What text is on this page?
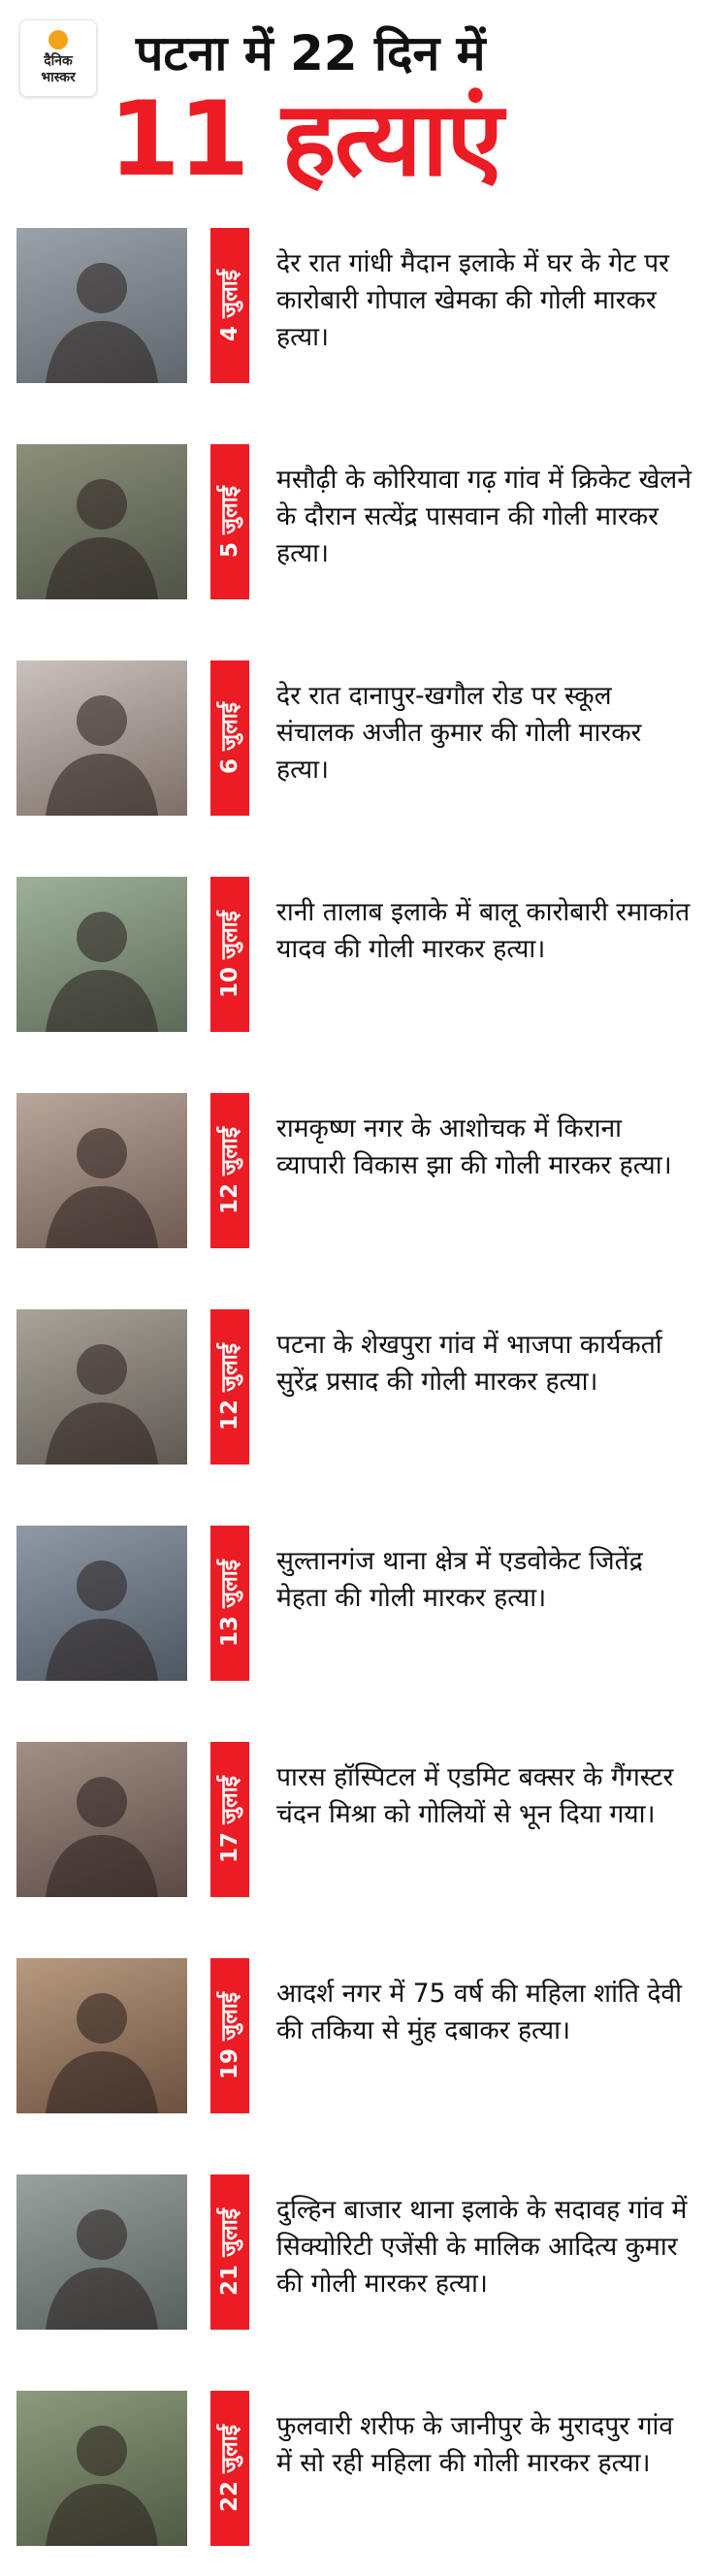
दैनिक
भास्कर	पटना में 22 दिन में
11 हत्याएं
4 जुलाई
देर रात गांधी मैदान इलाके में घर के गेट पर कारोबारी गोपाल खेमका की गोली मारकर हत्या।
5 जुलाई
मसौढ़ी के कोरियावा गढ़ गांव में क्रिकेट खेलने के दौरान सत्येंद्र पासवान की गोली मारकर हत्या।
6 जुलाई
देर रात दानापुर-खगौल रोड पर स्कूल संचालक अजीत कुमार की गोली मारकर हत्या।
10 जुलाई रानी तालाब इलाके में बालू कारोबारी रमाकांत यादव की गोली मारकर हत्या।
12 जुलाई रामकृष्ण नगर के आशोचक में किराना व्यापारी विकास झा की गोली मारकर हत्या।
12 जुलाई पटना के शेखपुरा गांव में भाजपा कार्यकर्ता सुरेंद्र प्रसाद की गोली मारकर हत्या।
13 जुलाई सुल्तानगंज थाना क्षेत्र में एडवोकेट जितेंद्र मेहता की गोली मारकर हत्या।
17 जुलाई पारस हॉस्पिटल में एडमिट बक्सर के गैंगस्टर चंदन मिश्रा को गोलियों से भून दिया गया।
19 जुलाई आदर्श नगर में 75 वर्ष की महिला शांति देवी की तकिया से मुंह दबाकर हत्या।
21 जुलाई दुल्हिन बाजार थाना इलाके के सदावह गांव में सिक्योरिटी एजेंसी के मालिक आदित्य कुमार की गोली मारकर हत्या।
22 जुलाई फुलवारी शरीफ के जानीपुर के मुरादपुर गांव में सो रही महिला की गोली मारकर हत्या।
